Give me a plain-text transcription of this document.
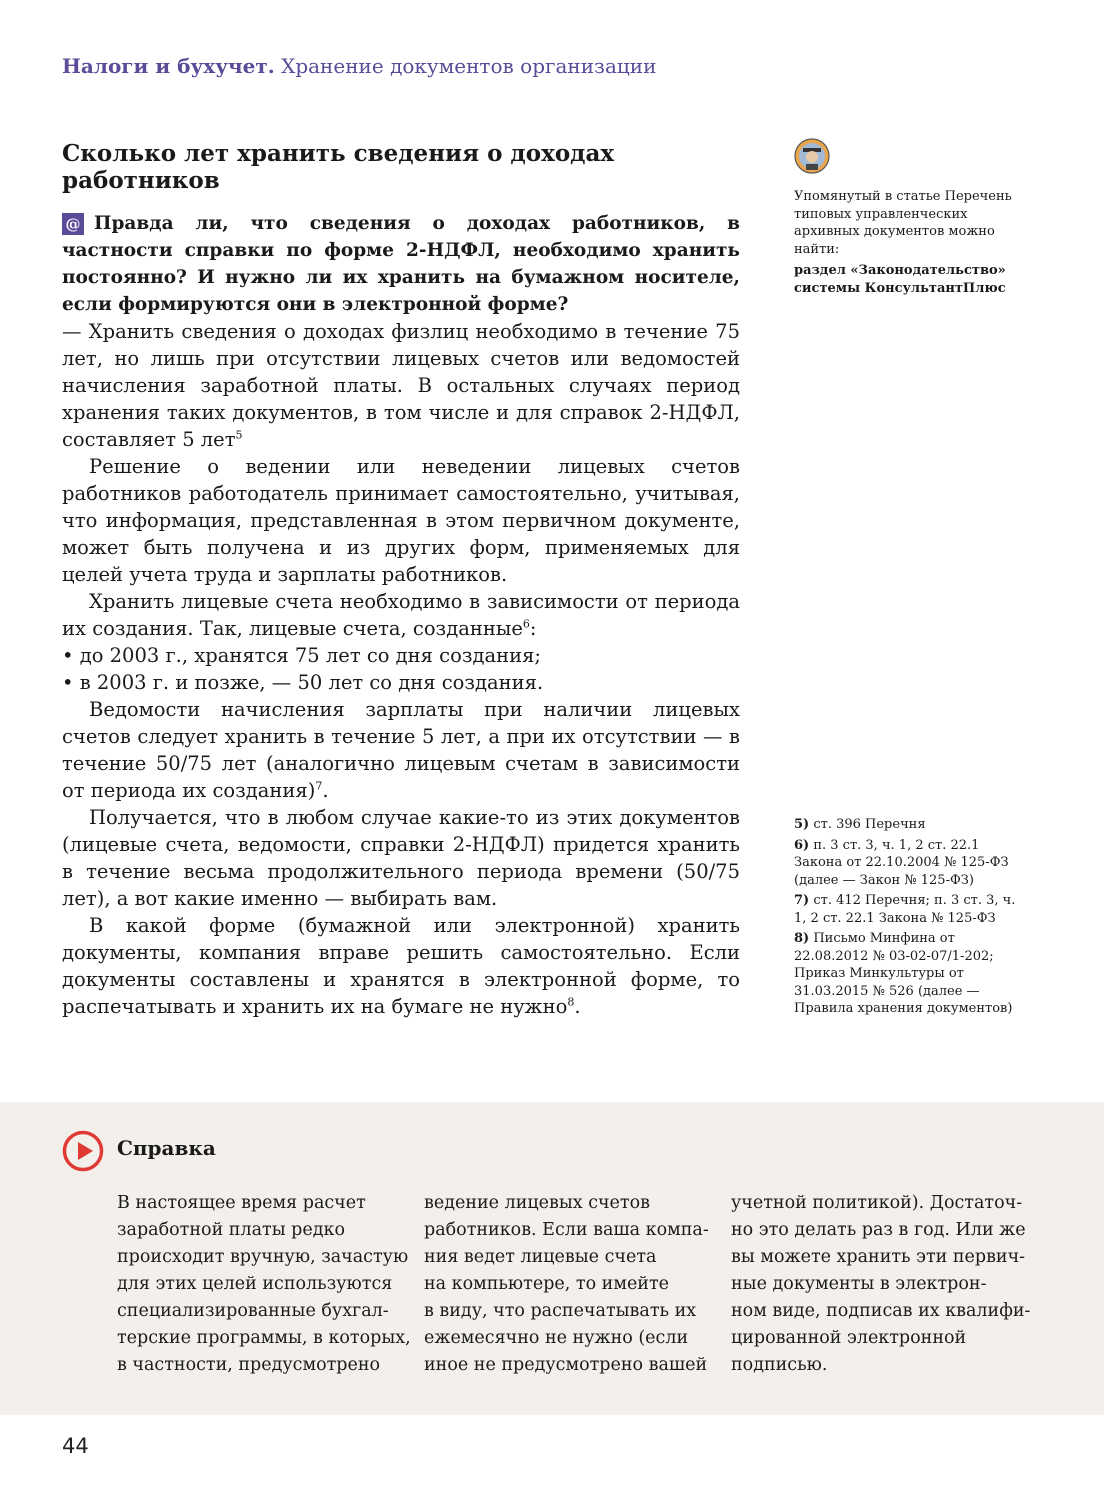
Налоги и бухучет. Хранение документов организации
Сколько лет хранить сведения о доходах работников
@ Правда ли, что сведения о доходах работников, в частности справки по форме 2-НДФЛ, необходимо хранить постоянно? И нужно ли их хранить на бумажном носителе, если формируются они в электронной форме?

— Хранить сведения о доходах физлиц необходимо в течение 75 лет, но лишь при отсутствии лицевых счетов или ведомостей начисления заработной платы. В остальных случаях период хранения таких документов, в том числе и для справок 2-НДФЛ, составляет 5 лет$^5$

Решение о ведении или неведении лицевых счетов работников работодатель принимает самостоятельно, учитывая, что информация, представленная в этом первичном документе, может быть получена и из других форм, применяемых для целей учета труда и зарплаты работников.

Хранить лицевые счета необходимо в зависимости от периода их создания. Так, лицевые счета, созданные$^6$:

• до 2003 г., хранятся 75 лет со дня создания;

• в 2003 г. и позже, — 50 лет со дня создания.

Ведомости начисления зарплаты при наличии лицевых счетов следует хранить в течение 5 лет, а при их отсутствии — в течение 50/75 лет (аналогично лицевым счетам в зависимости от периода их создания)$^7$.

Получается, что в любом случае какие-то из этих документов (лицевые счета, ведомости, справки 2-НДФЛ) придется хранить в течение весьма продолжительного периода времени (50/75 лет), а вот какие именно — выбирать вам.

В какой форме (бумажной или электронной) хранить документы, компания вправе решить самостоятельно. Если документы составлены и хранятся в электронной форме, то распечатывать и хранить их на бумаге не нужно$^8$.

Упомянутый в статье Перечень типовых управленческих архивных документов можно найти:
раздел «Законодательство» системы КонсультантПлюс
5) ст. 396 Перечня
6) п. 3 ст. 3, ч. 1, 2 ст. 22.1 Закона от 22.10.2004 № 125-ФЗ (далее — Закон № 125-ФЗ)
7) ст. 412 Перечня; п. 3 ст. 3, ч. 1, 2 ст. 22.1 Закона № 125-ФЗ
8) Письмо Минфина от 22.08.2012 № 03-02-07/1-202; Приказ Минкультуры от 31.03.2015 № 526 (далее — Правила хранения документов)
Справка
В настоящее время расчет
заработной платы редко
происходит вручную, зачастую
для этих целей используются
специализированные бухгал-
терские программы, в которых,
в частности, предусмотрено
ведение лицевых счетов
работников. Если ваша компа-
ния ведет лицевые счета
на компьютере, то имейте
в виду, что распечатывать их
ежемесячно не нужно (если
иное не предусмотрено вашей
учетной политикой). Достаточ-
но это делать раз в год. Или же
вы можете хранить эти первич-
ные документы в электрон-
ном виде, подписав их квалифи-
цированной электронной
подписью.
44
